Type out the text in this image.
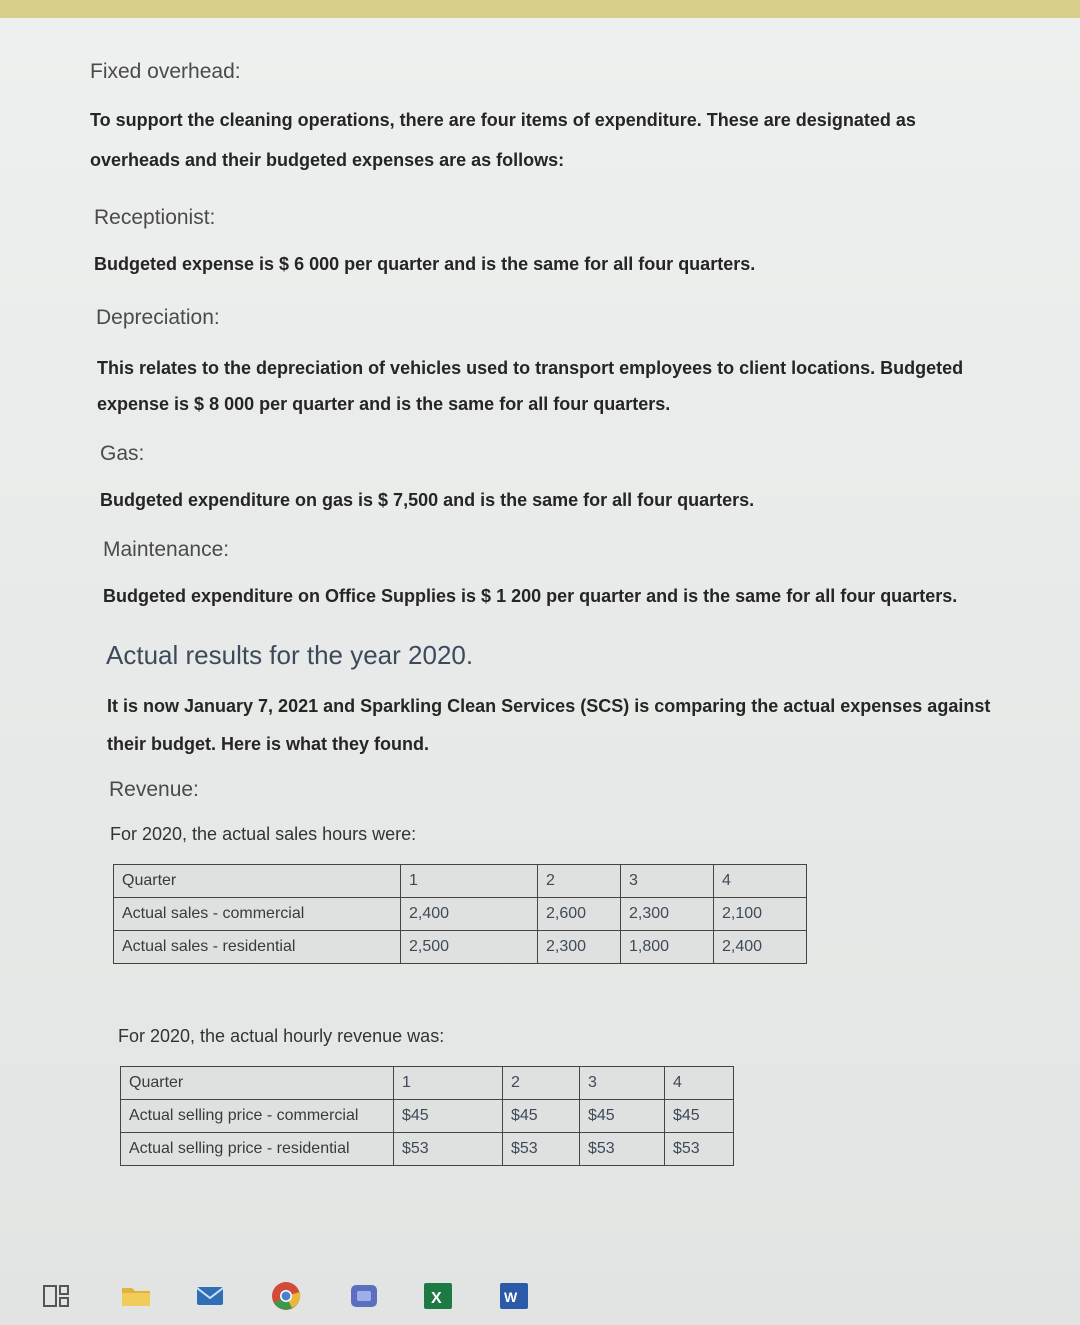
Fixed overhead:
To support the cleaning operations, there are four items of expenditure. These are designated as
overheads and their budgeted expenses are as follows:
Receptionist:
Budgeted expense is $ 6 000 per quarter and is the same for all four quarters.
Depreciation:
This relates to the depreciation of vehicles used to transport employees to client locations. Budgeted
expense is $ 8 000 per quarter and is the same for all four quarters.
Gas:
Budgeted expenditure on gas is $ 7,500 and is the same for all four quarters.
Maintenance:
Budgeted expenditure on Office Supplies is $ 1 200 per quarter and is the same for all four quarters.
Actual results for the year 2020.
It is now January 7, 2021 and Sparkling Clean Services (SCS) is comparing the actual expenses against
their budget. Here is what they found.
Revenue:
For 2020, the actual sales hours were:
Quarter	1	2	3	4
Actual sales - commercial	2,400	2,600	2,300	2,100
Actual sales - residential	2,500	2,300	1,800	2,400
For 2020, the actual hourly revenue was:
Quarter	1	2	3	4
Actual selling price - commercial	$45	$45	$45	$45
Actual selling price - residential	$53	$53	$53	$53
X	W
